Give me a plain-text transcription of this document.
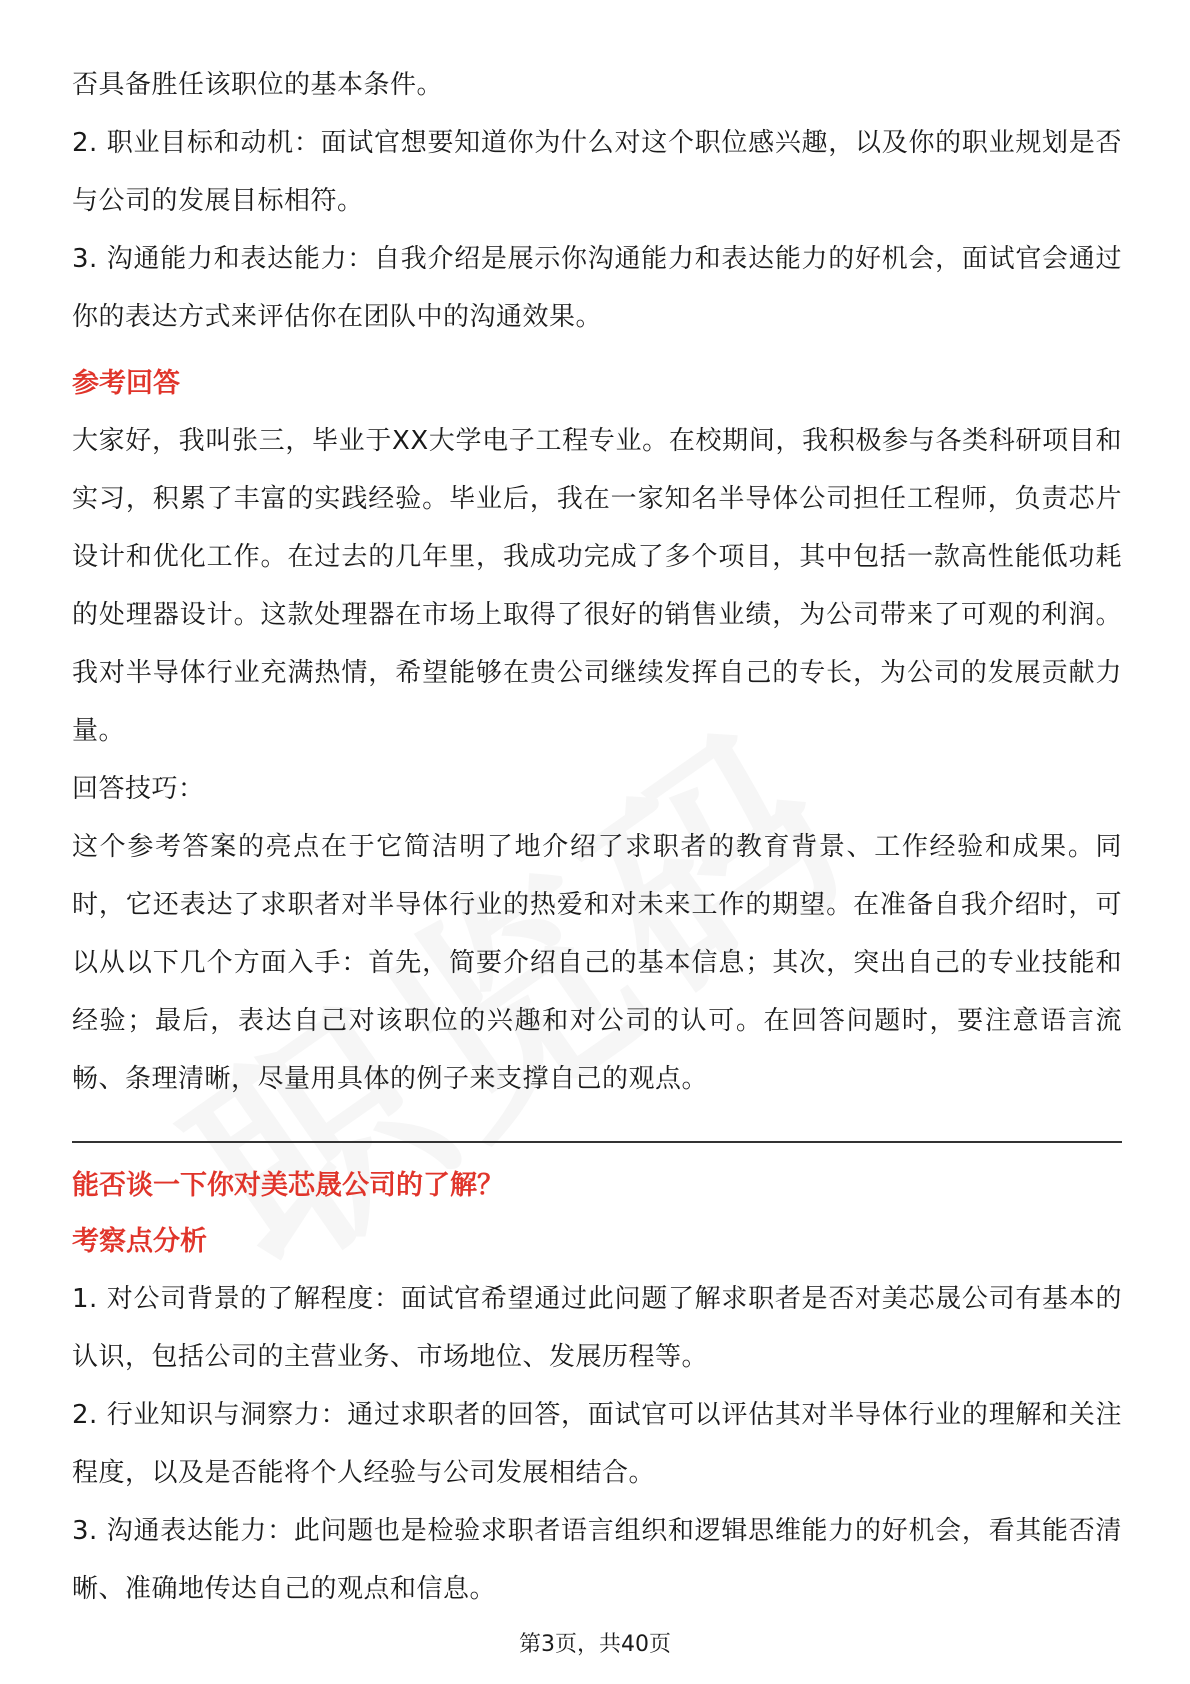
否具备胜任该职位的基本条件。

2. 职业目标和动机：面试官想要知道你为什么对这个职位感兴趣，以及你的职业规划是否与公司的发展目标相符。

3. 沟通能力和表达能力：自我介绍是展示你沟通能力和表达能力的好机会，面试官会通过你的表达方式来评估你在团队中的沟通效果。

参考回答

大家好，我叫张三，毕业于XX大学电子工程专业。在校期间，我积极参与各类科研项目和实习，积累了丰富的实践经验。毕业后，我在一家知名半导体公司担任工程师，负责芯片设计和优化工作。在过去的几年里，我成功完成了多个项目，其中包括一款高性能低功耗的处理器设计。这款处理器在市场上取得了很好的销售业绩，为公司带来了可观的利润。我对半导体行业充满热情，希望能够在贵公司继续发挥自己的专长，为公司的发展贡献力量。

回答技巧：

这个参考答案的亮点在于它简洁明了地介绍了求职者的教育背景、工作经验和成果。同时，它还表达了求职者对半导体行业的热爱和对未来工作的期望。在准备自我介绍时，可以从以下几个方面入手：首先，简要介绍自己的基本信息；其次，突出自己的专业技能和经验；最后，表达自己对该职位的兴趣和对公司的认可。在回答问题时，要注意语言流畅、条理清晰，尽量用具体的例子来支撑自己的观点。

能否谈一下你对美芯晟公司的了解？

考察点分析

1. 对公司背景的了解程度：面试官希望通过此问题了解求职者是否对美芯晟公司有基本的认识，包括公司的主营业务、市场地位、发展历程等。

2. 行业知识与洞察力：通过求职者的回答，面试官可以评估其对半导体行业的理解和关注程度，以及是否能将个人经验与公司发展相结合。

3. 沟通表达能力：此问题也是检验求职者语言组织和逻辑思维能力的好机会，看其能否清晰、准确地传达自己的观点和信息。

第3页，共40页
